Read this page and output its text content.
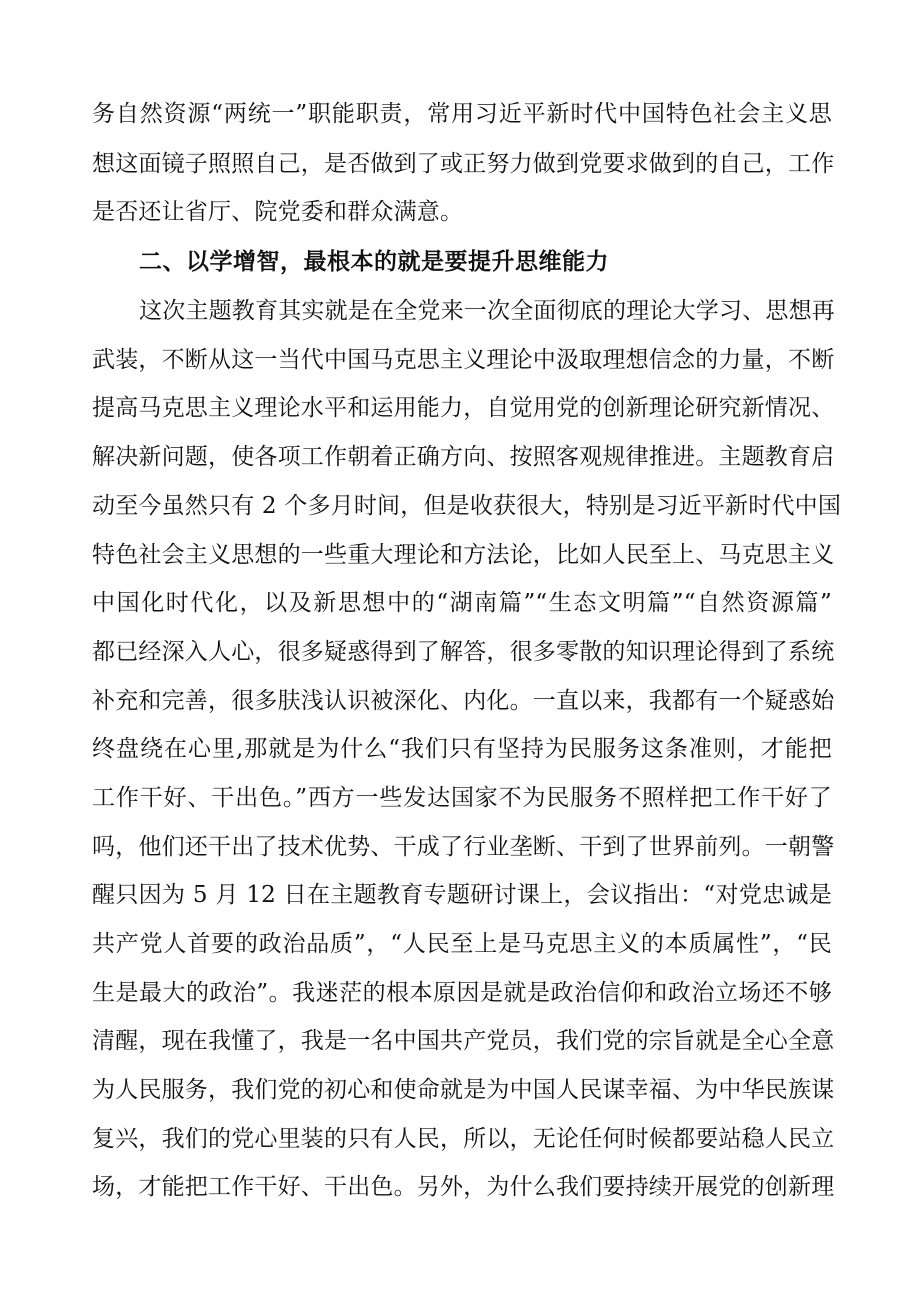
务自然资源“两统一”职能职责，常用习近平新时代中国特色社会主义思
想这面镜子照照自己，是否做到了或正努力做到党要求做到的自己，工作
是否还让省厅、院党委和群众满意。
二、以学增智，最根本的就是要提升思维能力
这次主题教育其实就是在全党来一次全面彻底的理论大学习、思想再
武装，不断从这一当代中国马克思主义理论中汲取理想信念的力量，不断
提高马克思主义理论水平和运用能力，自觉用党的创新理论研究新情况、
解决新问题，使各项工作朝着正确方向、按照客观规律推进。主题教育启
动至今虽然只有 2 个多月时间，但是收获很大，特别是习近平新时代中国
特色社会主义思想的一些重大理论和方法论，比如人民至上、马克思主义
中国化时代化，以及新思想中的“湖南篇”“生态文明篇”“自然资源篇”
都已经深入人心，很多疑惑得到了解答，很多零散的知识理论得到了系统
补充和完善，很多肤浅认识被深化、内化。一直以来，我都有一个疑惑始
终盘绕在心里,那就是为什么“我们只有坚持为民服务这条准则，才能把
工作干好、干出色。”西方一些发达国家不为民服务不照样把工作干好了
吗，他们还干出了技术优势、干成了行业垄断、干到了世界前列。一朝警
醒只因为 5 月 12 日在主题教育专题研讨课上，会议指出：“对党忠诚是
共产党人首要的政治品质”，“人民至上是马克思主义的本质属性”，“民
生是最大的政治”。我迷茫的根本原因是就是政治信仰和政治立场还不够
清醒，现在我懂了，我是一名中国共产党员，我们党的宗旨就是全心全意
为人民服务，我们党的初心和使命就是为中国人民谋幸福、为中华民族谋
复兴，我们的党心里装的只有人民，所以，无论任何时候都要站稳人民立
场，才能把工作干好、干出色。另外，为什么我们要持续开展党的创新理
